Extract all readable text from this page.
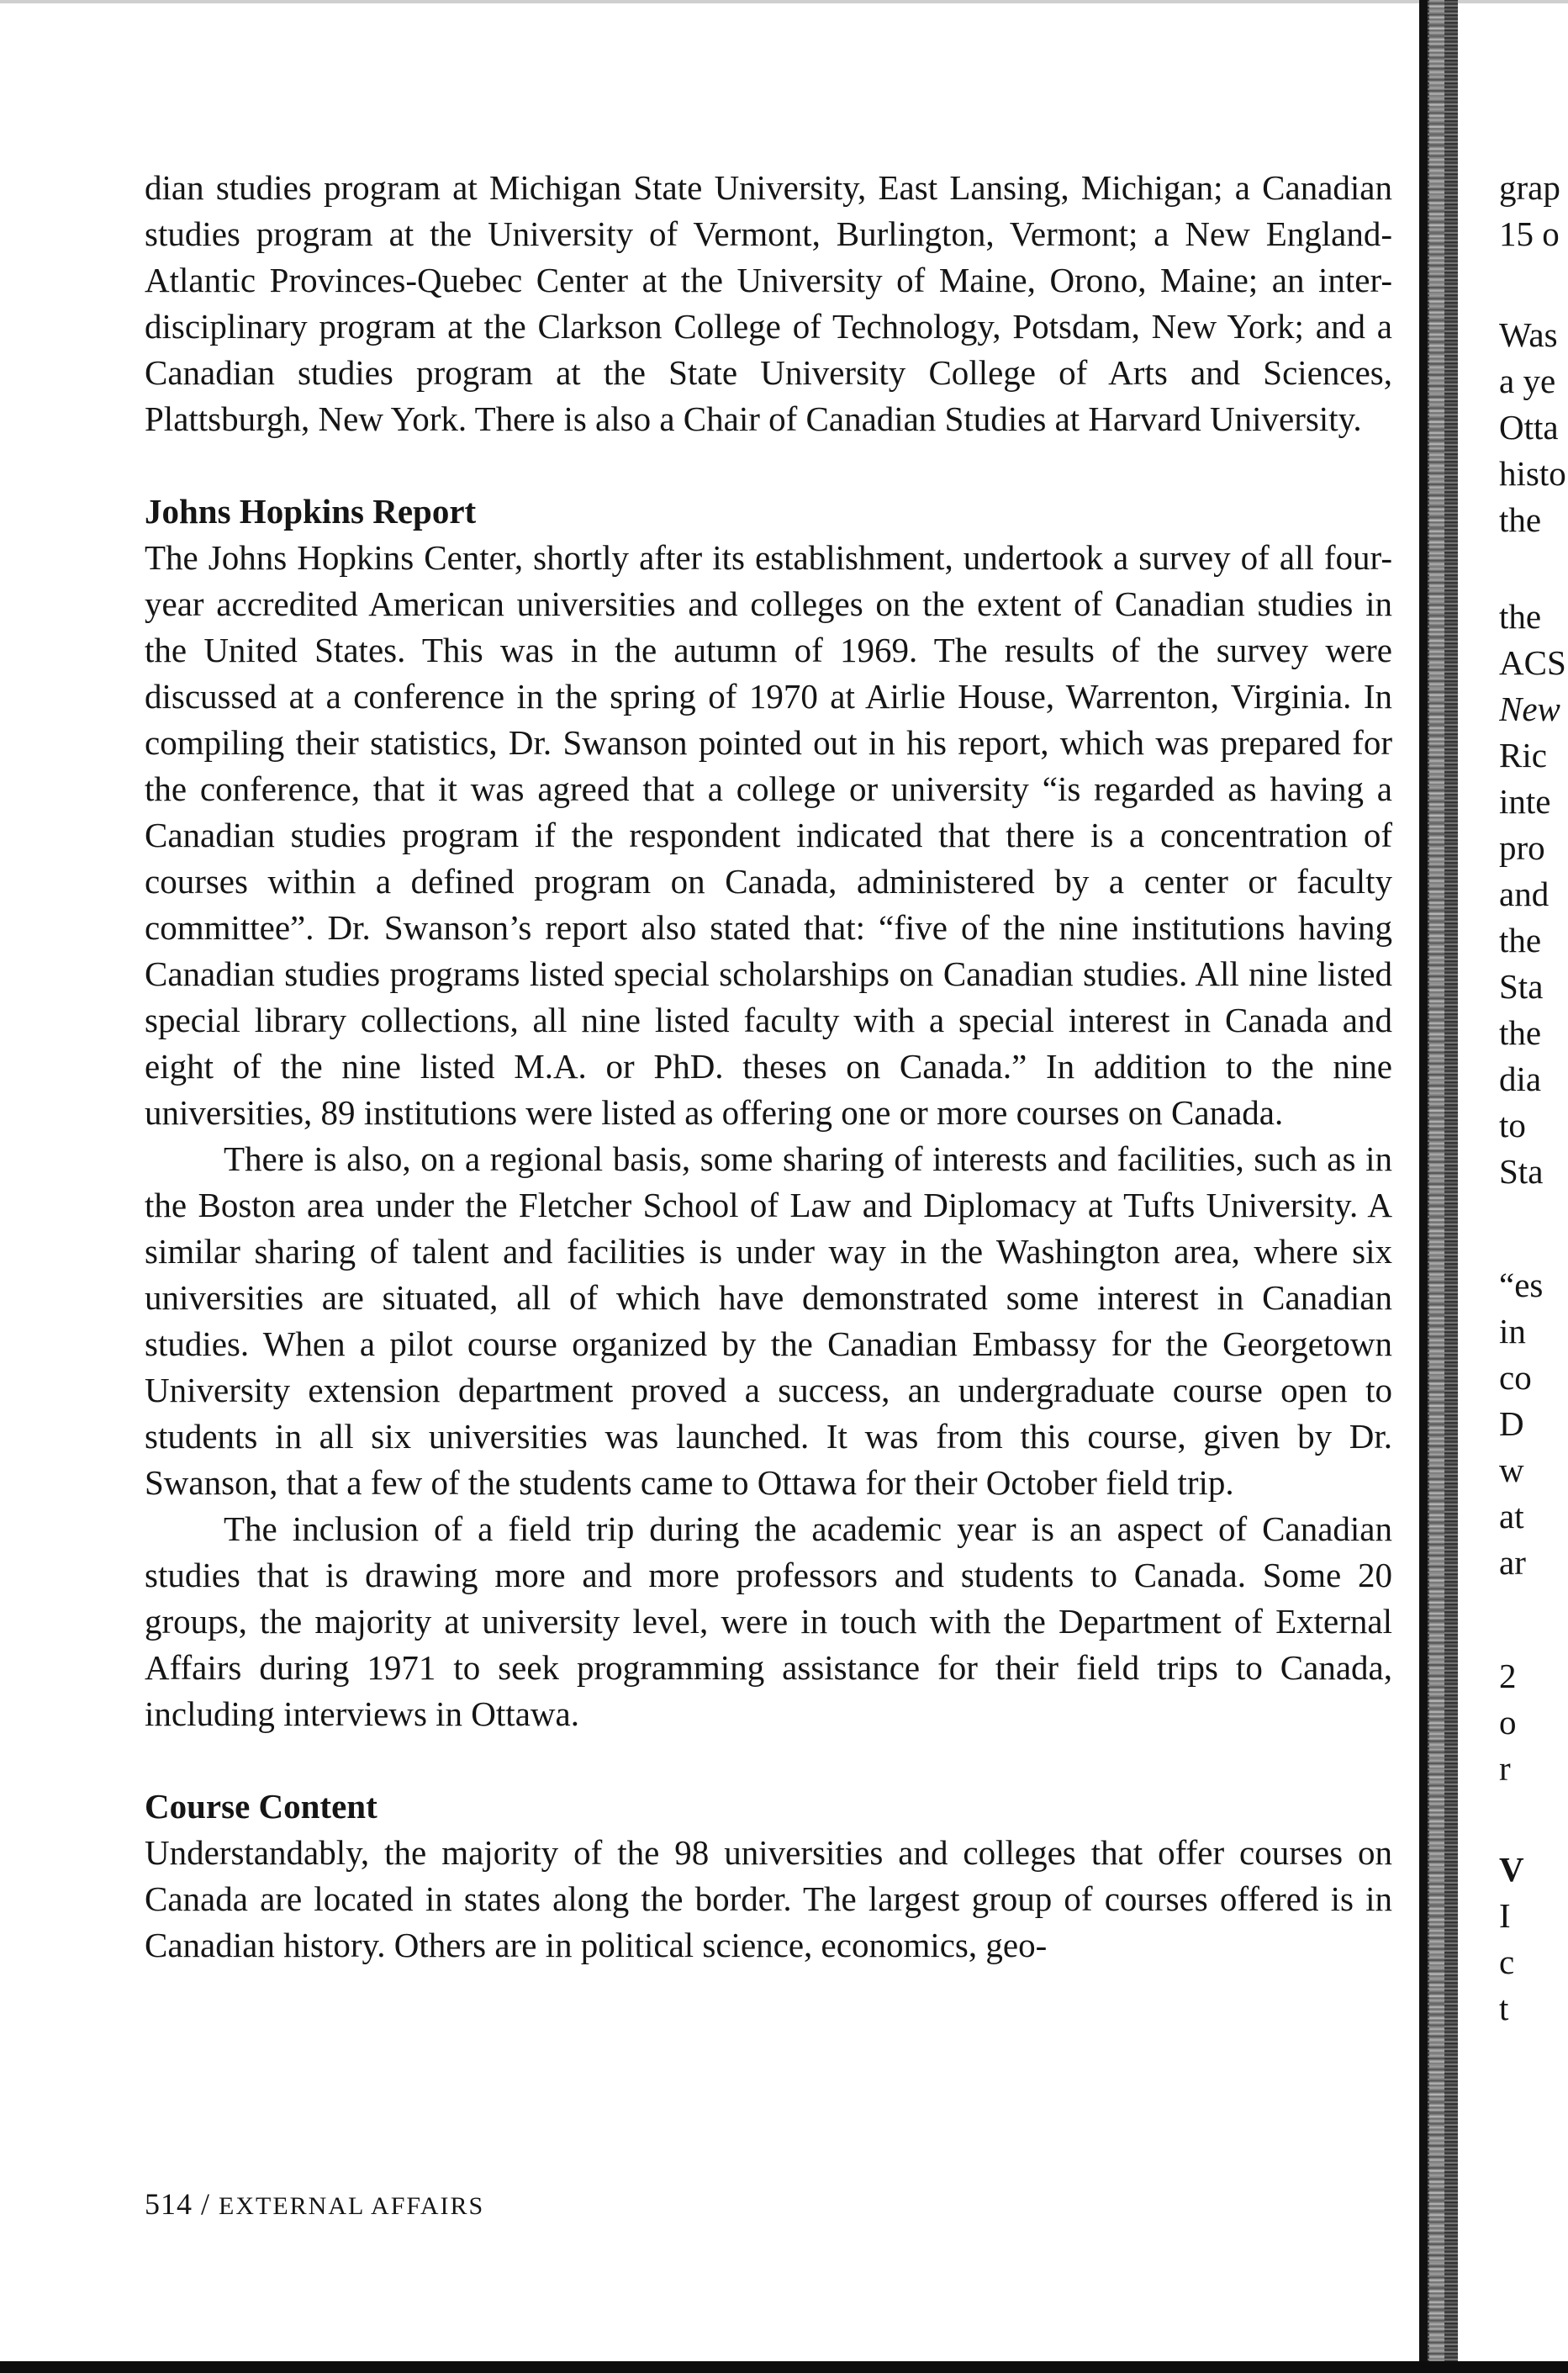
dian studies program at Michigan State University, East Lansing, Michigan; a Canadian studies program at the University of Vermont, Burlington, Vermont; a New England-Atlantic Provinces-Quebec Center at the University of Maine, Orono, Maine; an inter-disciplinary program at the Clarkson College of Technology, Potsdam, New York; and a Canadian studies program at the State University College of Arts and Sciences, Plattsburgh, New York. There is also a Chair of Canadian Studies at Harvard University.

Johns Hopkins Report

The Johns Hopkins Center, shortly after its establishment, undertook a survey of all four-year accredited American universities and colleges on the extent of Canadian studies in the United States. This was in the autumn of 1969. The results of the survey were discussed at a conference in the spring of 1970 at Airlie House, Warrenton, Virginia. In compiling their statistics, Dr. Swanson pointed out in his report, which was prepared for the conference, that it was agreed that a college or university “is regarded as having a Canadian studies program if the respondent indicated that there is a concentration of courses within a defined program on Canada, administered by a center or faculty committee”. Dr. Swanson’s report also stated that: “five of the nine institutions having Canadian studies programs listed special scholarships on Canadian studies. All nine listed special library collections, all nine listed faculty with a special interest in Canada and eight of the nine listed M.A. or PhD. theses on Canada.” In addition to the nine universities, 89 institutions were listed as offering one or more courses on Canada.

There is also, on a regional basis, some sharing of interests and facilities, such as in the Boston area under the Fletcher School of Law and Diplomacy at Tufts University. A similar sharing of talent and facilities is under way in the Washington area, where six universities are situated, all of which have demonstrated some interest in Canadian studies. When a pilot course organized by the Canadian Embassy for the Georgetown University extension department proved a success, an undergraduate course open to students in all six universities was launched. It was from this course, given by Dr. Swanson, that a few of the students came to Ottawa for their October field trip.

The inclusion of a field trip during the academic year is an aspect of Canadian studies that is drawing more and more professors and students to Canada. Some 20 groups, the majority at university level, were in touch with the Department of External Affairs during 1971 to seek programming assistance for their field trips to Canada, including interviews in Ottawa.

Course Content

Understandably, the majority of the 98 universities and colleges that offer courses on Canada are located in states along the border. The largest group of courses offered is in Canadian history. Others are in political science, economics, geo-

514 / EXTERNAL AFFAIRS
grap
15 o
Was
a ye
Otta
histo
the
the
ACS
New
Ric
inte
pro
and
the
Sta
the
dia
to
Sta
“es
in
co
D
w
at
ar
2
o
r
V
I
c
t
